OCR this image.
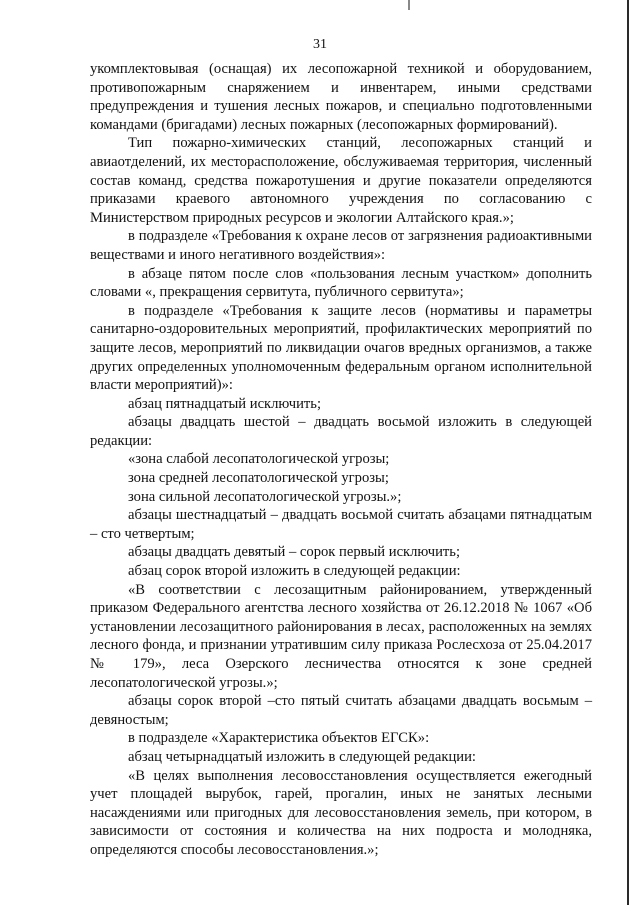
31

укомплектовывая (оснащая) их лесопожарной техникой и оборудованием, противопожарным снаряжением и инвентарем, иными средствами предупреждения и тушения лесных пожаров, и специально подготовленными командами (бригадами) лесных пожарных (лесопожарных формирований).

Тип пожарно-химических станций, лесопожарных станций и авиаотделений, их месторасположение, обслуживаемая территория, численный состав команд, средства пожаротушения и другие показатели определяются приказами краевого автономного учреждения по согласованию с Министерством природных ресурсов и экологии Алтайского края.»;

в подразделе «Требования к охране лесов от загрязнения радиоактивными веществами и иного негативного воздействия»:

в абзаце пятом после слов «пользования лесным участком» дополнить словами «, прекращения сервитута, публичного сервитута»;

в подразделе «Требования к защите лесов (нормативы и параметры санитарно-оздоровительных мероприятий, профилактических мероприятий по защите лесов, мероприятий по ликвидации очагов вредных организмов, а также других определенных уполномоченным федеральным органом исполнительной власти мероприятий)»:

абзац пятнадцатый исключить;

абзацы двадцать шестой – двадцать восьмой изложить в следующей редакции:

«зона слабой лесопатологической угрозы;

зона средней лесопатологической угрозы;

зона сильной лесопатологической угрозы.»;

абзацы шестнадцатый – двадцать восьмой считать абзацами пятнадцатым – сто четвертым;

абзацы двадцать девятый – сорок первый исключить;

абзац сорок второй изложить в следующей редакции:

«В соответствии с лесозащитным районированием, утвержденный приказом Федерального агентства лесного хозяйства от 26.12.2018 № 1067 «Об установлении лесозащитного районирования в лесах, расположенных на землях лесного фонда, и признании утратившим силу приказа Рослесхоза от 25.04.2017 № 179», леса Озерского лесничества относятся к зоне средней лесопатологической угрозы.»;

абзацы сорок второй –сто пятый считать абзацами двадцать восьмым – девяностым;

в подразделе «Характеристика объектов ЕГСК»:

абзац четырнадцатый изложить в следующей редакции:

«В целях выполнения лесовосстановления осуществляется ежегодный учет площадей вырубок, гарей, прогалин, иных не занятых лесными насаждениями или пригодных для лесовосстановления земель, при котором, в зависимости от состояния и количества на них подроста и молодняка, определяются способы лесовосстановления.»;
